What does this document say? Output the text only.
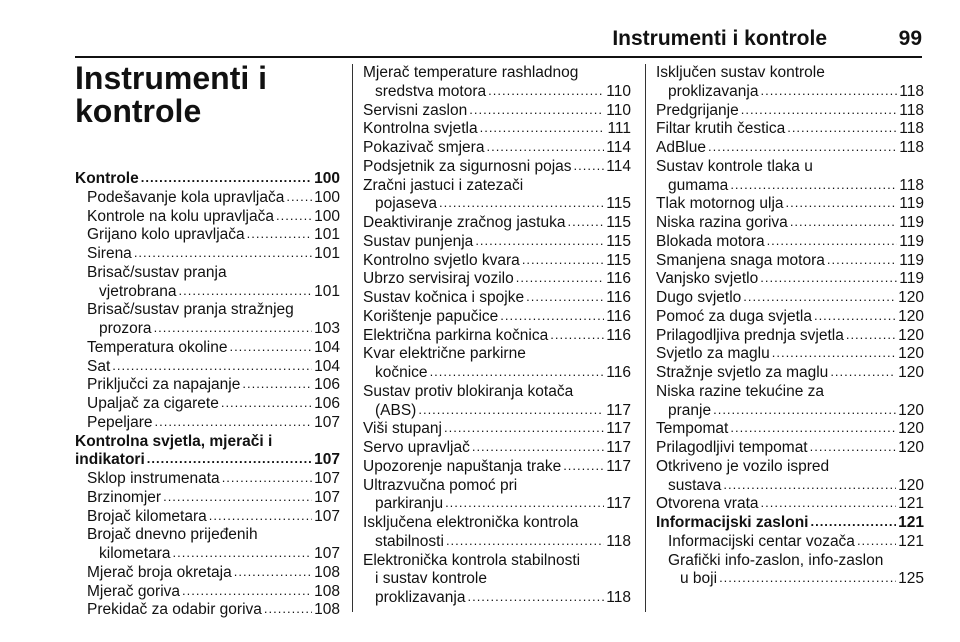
Instrumenti i kontrole	99
Instrumenti i
kontrole
Kontrole .....	100
Podešavanje kola upravljača ..... 100
Kontrole na kolu upravljača .....	100
Grijano kolo upravljača .....	101
Sirena .....	101
Brisač/sustav pranja
vjetrobrana .....	101
Brisač/sustav pranja stražnjeg
prozora .....	103
Temperatura okoline .....	104
Sat .....	104
Priključci za napajanje .....	106
Upaljač za cigarete .....	106
Pepeljare .....	107
Kontrolna svjetla, mjerači i
indikatori .....	107
Sklop instrumenata .....	107
Brzinomjer .....	107
Brojač kilometara .....	107
Brojač dnevno prijeđenih
kilometara .....	107
Mjerač broja okretaja .....	108
Mjerač goriva .....	108
Prekidač za odabir goriva .....	108
Mjerač temperature rashladnog
sredstva motora .....	110
Servisni zaslon .....	110
Kontrolna svjetla .....	111
Pokazivač smjera .....	114
Podsjetnik za sigurnosni pojas ..... 114
Zračni jastuci i zatezači
pojaseva .....	115
Deaktiviranje zračnog jastuka .....	115
Sustav punjenja .....	115
Kontrolno svjetlo kvara .....	115
Ubrzo servisiraj vozilo .....	116
Sustav kočnica i spojke .....	116
Korištenje papučice .....	116
Električna parkirna kočnica .....	116
Kvar električne parkirne
kočnice .....	116
Sustav protiv blokiranja kotača
(ABS) .....	117
Viši stupanj .....	117
Servo upravljač .....	117
Upozorenje napuštanja trake .....	117
Ultrazvučna pomoć pri
parkiranju .....	117
Isključena elektronička kontrola
stabilnosti .....	118
Elektronička kontrola stabilnosti
i sustav kontrole
proklizavanja .....	118
Isključen sustav kontrole
proklizavanja .....	118
Predgrijanje .....	118
Filtar krutih čestica .....	118
AdBlue .....	118
Sustav kontrole tlaka u
gumama .....	118
Tlak motornog ulja .....	119
Niska razina goriva .....	119
Blokada motora .....	119
Smanjena snaga motora .....	119
Vanjsko svjetlo .....	119
Dugo svjetlo .....	120
Pomoć za duga svjetla .....	120
Prilagodljiva prednja svjetla .....	120
Svjetlo za maglu .....	120
Stražnje svjetlo za maglu .....	120
Niska razine tekućine za
pranje .....	120
Tempomat .....	120
Prilagodljivi tempomat .....	120
Otkriveno je vozilo ispred
sustava .....	120
Otvorena vrata .....	121
Informacijski zasloni .....	121
Informacijski centar vozača .....	121
Grafički info-zaslon, info-zaslon
u boji .....	125
